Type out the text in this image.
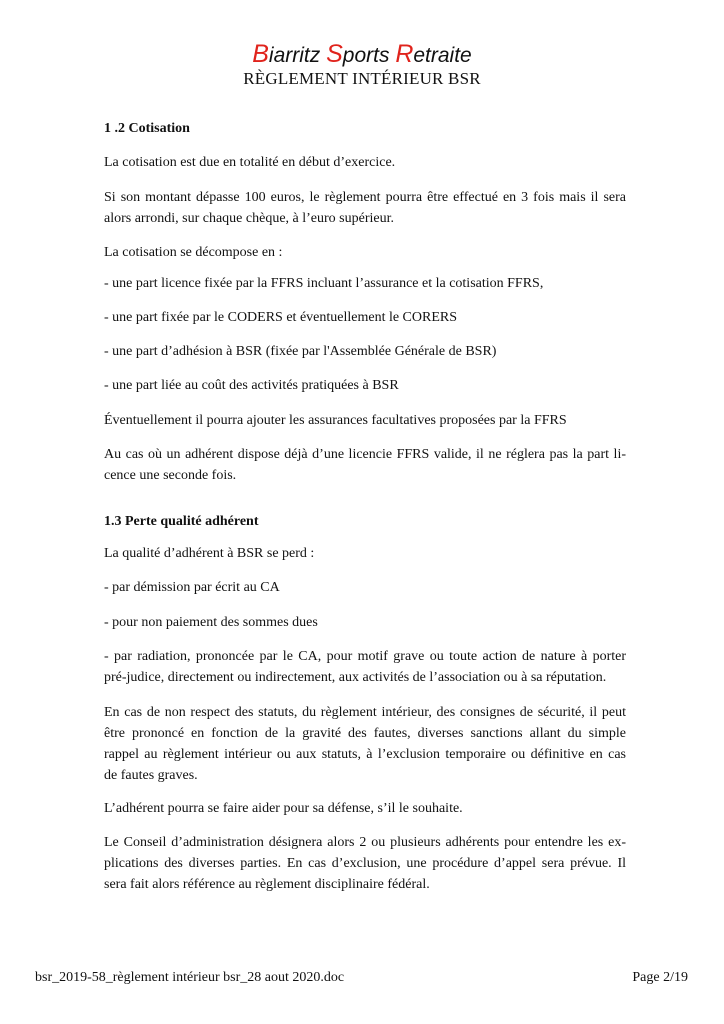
Biarritz Sports Retraite
RÈGLEMENT INTÉRIEUR BSR
1 .2 Cotisation
La cotisation est due en totalité en début d’exercice.
Si son montant dépasse 100 euros, le règlement pourra être effectué en 3 fois mais il sera
alors arrondi, sur chaque chèque, à l’euro supérieur.
La cotisation se décompose en :
- une part licence fixée par la FFRS incluant l’assurance et la cotisation FFRS,
- une part fixée par le CODERS et éventuellement le CORERS
- une part d’adhésion à BSR (fixée par l'Assemblée Générale de BSR)
- une part liée au coût des activités pratiquées à BSR
Éventuellement il pourra ajouter les assurances facultatives proposées par la FFRS
Au cas où un adhérent dispose déjà d’une licencie FFRS valide, il ne réglera pas la part li-
cence une seconde fois.
1.3 Perte qualité adhérent
La qualité d’adhérent à BSR se perd :
- par démission par écrit au CA
- pour non paiement des sommes dues
- par radiation, prononcée par le CA, pour motif grave ou toute action de nature à porter
pré-judice, directement ou indirectement, aux activités de l’association ou à sa réputation.
En cas de non respect des statuts, du règlement intérieur, des consignes de sécurité, il peut
être prononcé en fonction de la gravité des fautes, diverses sanctions allant du simple
rappel au règlement intérieur ou aux statuts, à l’exclusion temporaire ou définitive en cas
de fautes graves.
L’adhérent pourra se faire aider pour sa défense, s’il le souhaite.
Le Conseil d’administration désignera alors 2 ou plusieurs adhérents pour entendre les ex-
plications des diverses parties. En cas d’exclusion, une procédure d’appel sera prévue. Il
sera fait alors référence au règlement disciplinaire fédéral.
bsr_2019-58_règlement intérieur bsr_28 aout 2020.doc	Page 2/19
